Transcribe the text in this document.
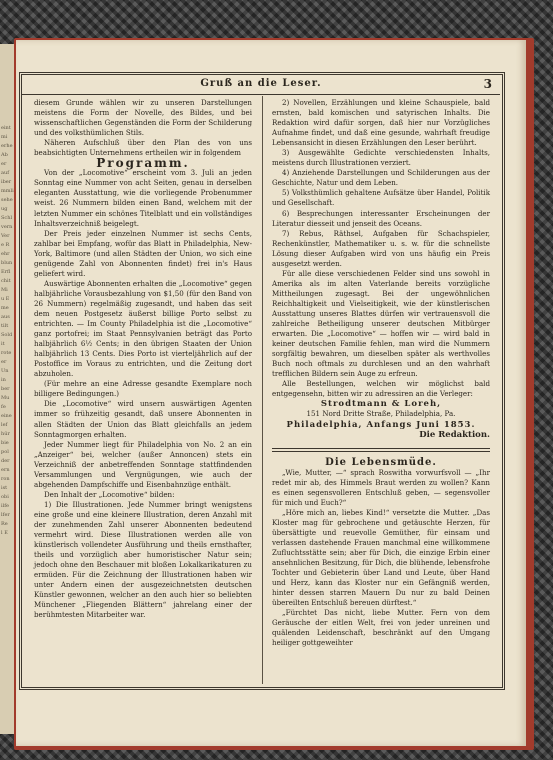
eint
mi
erhe
Ab
er
auf
iber
mmli
sehe
ug
Schl
vern
Ver
e R
ehr
blun
Erfl
chit
Mi
u E
me
aus
tilt
Sold
it
rote
er
Un
in
ber
Mu
fe
eine
lef
hür
bie
pol
der
ern
ron
ist
obi
ilfe
lfer
Re
l E
Gruß an die Leser.	3

diesem Grunde wählen wir zu unseren Darstellungen meistens die Form der Novelle, des Bildes, und bei wissenschaftlichen Gegenständen die Form der Schilderung und des volksthümlichen Stils.

Näheren Aufschluß über den Plan des von uns beabsichtigten Unternehmens ertheilen wir in folgendem

Programm.

Von der „Locomotive“ erscheint vom 3. Juli an jeden Sonntag eine Nummer von acht Seiten, genau in derselben eleganten Ausstattung, wie die vorliegende Probenummer weist. 26 Nummern bilden einen Band, welchem mit der letzten Nummer ein schönes Titelblatt und ein vollständiges Inhaltsverzeichniß beigelegt.

Der Preis jeder einzelnen Nummer ist sechs Cents, zahlbar bei Empfang, wofür das Blatt in Philadelphia, New-York, Baltimore (und allen Städten der Union, wo sich eine genügende Zahl von Abonnenten findet) frei in's Haus geliefert wird.

Auswärtige Abonnenten erhalten die „Locomotive“ gegen halbjährliche Vorausbezahlung von $1,50 (für den Band von 26 Nummern) regelmäßig zugesandt, und haben das seit dem neuen Postgesetz äußerst billige Porto selbst zu entrichten. — Im County Philadelphia ist die „Locomotive“ ganz portofrei; im Staat Pennsylvanien beträgt das Porto halbjährlich 6½ Cents; in den übrigen Staaten der Union halbjährlich 13 Cents. Dies Porto ist vierteljährlich auf der Postoffice im Voraus zu entrichten, und die Zeitung dort abzuholen.

(Für mehre an eine Adresse gesandte Exemplare noch billigere Bedingungen.)

Die „Locomotive“ wird unsern auswärtigen Agenten immer so frühzeitig gesandt, daß unsere Abonnenten in allen Städten der Union das Blatt gleichfalls an jedem Sonntagmorgen erhalten.

Jeder Nummer liegt für Philadelphia von No. 2 an ein „Anzeiger“ bei, welcher (außer Annoncen) stets ein Verzeichniß der anbetreffenden Sonntage stattfindenden Versammlungen und Vergnügungen, wie auch der abgehenden Dampfschiffe und Eisenbahnzüge enthält.

Den Inhalt der „Locomotive“ bilden:

1) Die Illustrationen. Jede Nummer bringt wenigstens eine große und eine kleinere Illustration, deren Anzahl mit der zunehmenden Zahl unserer Abonnenten bedeutend vermehrt wird. Diese Illustrationen werden alle von künstlerisch vollendeter Ausführung und theils ernsthafter, theils und vorzüglich aber humoristischer Natur sein; jedoch ohne den Beschauer mit bloßen Lokalkarikaturen zu ermüden. Für die Zeichnung der Illustrationen haben wir unter Andern einen der ausgezeichnetsten deutschen Künstler gewonnen, welcher an den auch hier so beliebten Münchener „Fliegenden Blättern“ jahrelang einer der berühmtesten Mitarbeiter war.

2) Novellen, Erzählungen und kleine Schauspiele, bald ernsten, bald komischen und satyrischen Inhalts. Die Redaktion wird dafür sorgen, daß hier nur Vorzügliches Aufnahme findet, und daß eine gesunde, wahrhaft freudige Lebensansicht in diesen Erzählungen den Leser berührt.

3) Ausgewählte Gedichte verschiedensten Inhalts, meistens durch Illustrationen verziert.

4) Anziehende Darstellungen und Schilderungen aus der Geschichte, Natur und dem Leben.

5) Volksthümlich gehaltene Aufsätze über Handel, Politik und Gesellschaft.

6) Besprechungen interessanter Erscheinungen der Literatur diesseit und jenseit des Oceans.

7) Rebus, Räthsel, Aufgaben für Schachspieler, Rechenkünstler, Mathematiker u. s. w. für die schnellste Lösung dieser Aufgaben wird von uns häufig ein Preis ausgesetzt werden.

Für alle diese verschiedenen Felder sind uns sowohl in Amerika als im alten Vaterlande bereits vorzügliche Mittheilungen zugesagt. Bei der ungewöhnlichen Reichhaltigkeit und Vielseitigkeit, wie der künstlerischen Ausstattung unseres Blattes dürfen wir vertrauensvoll die zahlreiche Betheiligung unserer deutschen Mitbürger erwarten. Die „Locomotive“ — hoffen wir — wird bald in keiner deutschen Familie fehlen, man wird die Nummern sorgfältig bewahren, um dieselben später als werthvolles Buch noch oftmals zu durchlesen und an den wahrhaft trefflichen Bildern sein Auge zu erfreun.

Alle Bestellungen, welchen wir möglichst bald entgegensehn, bitten wir zu adressiren an die Verleger:

Strodtmann & Loreh,

151 Nord Dritte Straße, Philadelphia, Pa.

Philadelphia, Anfangs Juni 1853.

Die Redaktion.

Die Lebensmüde.

„Wie, Mutter, —“ sprach Roswitha vorwurfsvoll — „Ihr redet mir ab, des Himmels Braut werden zu wollen? Kann es einen segensvolleren Entschluß geben, — segensvoller für mich und Euch?“

„Höre mich an, liebes Kind!“ versetzte die Mutter. „Das Kloster mag für gebrochene und getäuschte Herzen, für übersättigte und reuevolle Gemüther, für einsam und verlassen dastehende Frauen manchmal eine willkommene Zufluchtsstätte sein; aber für Dich, die einzige Erbin einer ansehnlichen Besitzung, für Dich, die blühende, lebensfrohe Tochter und Gebieterin über Land und Leute, über Hand und Herz, kann das Kloster nur ein Gefängniß werden, hinter dessen starren Mauern Du nur zu bald Deinen übereilten Entschluß bereuen dürftest.“

„Fürchtet Das nicht, liebe Mutter. Fern von dem Geräusche der eitlen Welt, frei von jeder unreinen und quälenden Leidenschaft, beschränkt auf den Umgang heiliger gottgeweihter
